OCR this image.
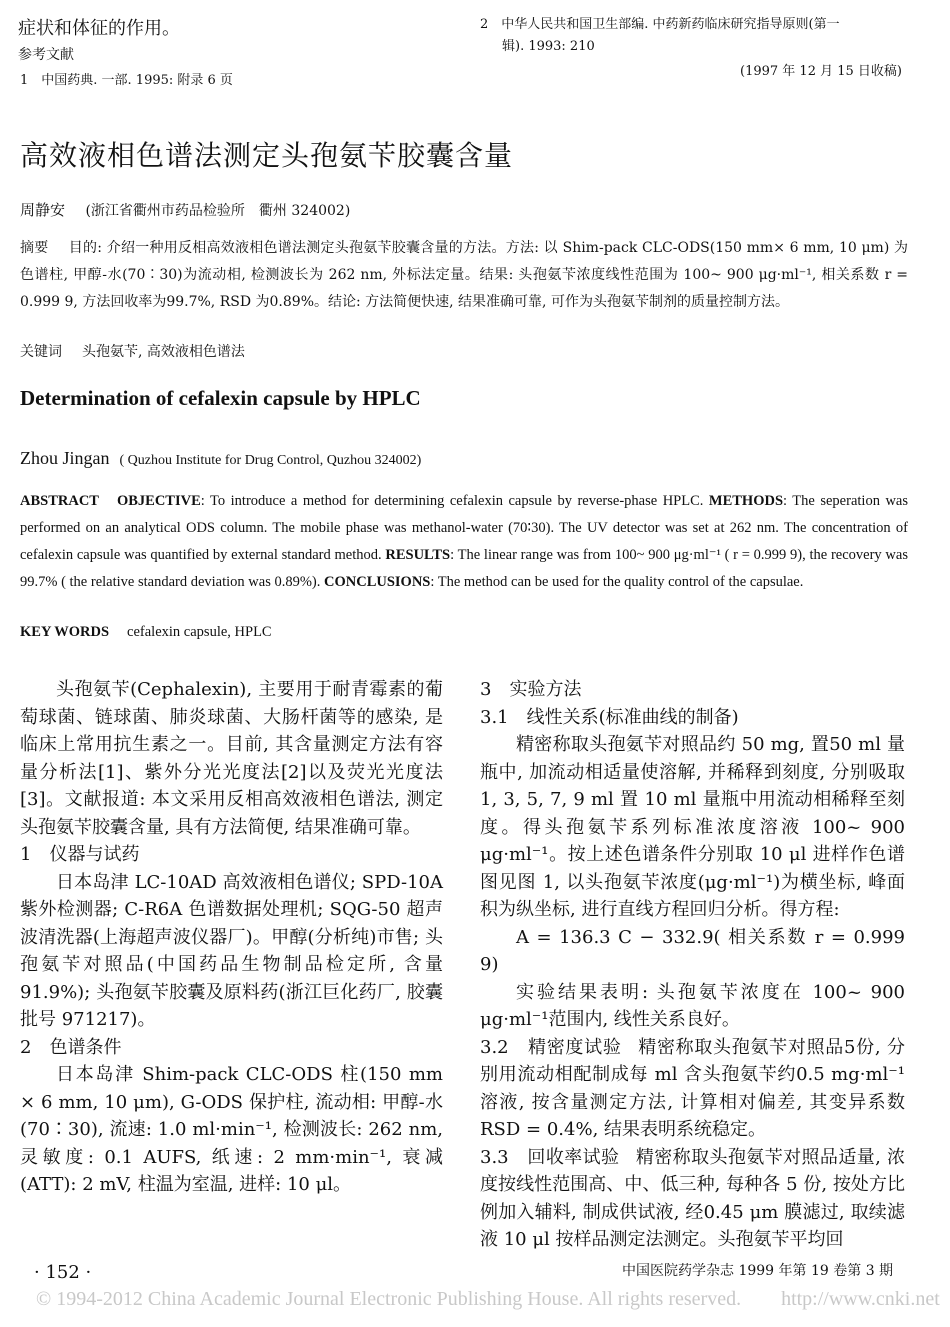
症状和体征的作用。
参考文献
1　中国药典. 一部. 1995: 附录 6 页
2　中华人民共和国卫生部编. 中药新药临床研究指导原则(第一
辑). 1993: 210
(1997 年 12 月 15 日收稿)
高效液相色谱法测定头孢氨苄胶囊含量
周静安 (浙江省衢州市药品检验所　衢州 324002)
摘要 目的: 介绍一种用反相高效液相色谱法测定头孢氨苄胶囊含量的方法。方法: 以 Shim-pack CLC-ODS(150 mm× 6 mm, 10 μm) 为色谱柱, 甲醇-水(70∶30)为流动相, 检测波长为 262 nm, 外标法定量。结果: 头孢氨苄浓度线性范围为 100~ 900 μg·ml⁻¹, 相关系数 r = 0.999 9, 方法回收率为99.7%, RSD 为0.89%。结论: 方法简便快速, 结果准确可靠, 可作为头孢氨苄制剂的质量控制方法。
关键词 头孢氨苄, 高效液相色谱法
Determination of cefalexin capsule by HPLC
Zhou Jingan ( Quzhou Institute for Drug Control, Quzhou 324002)
ABSTRACT OBJECTIVE: To introduce a method for determining cefalexin capsule by reverse-phase HPLC. METHODS: The seperation was performed on an analytical ODS column. The mobile phase was methanol-water (70∶30). The UV detector was set at 262 nm. The concentration of cefalexin capsule was quantified by external standard method. RESULTS: The linear range was from 100~ 900 μg·ml⁻¹ ( r = 0.999 9), the recovery was 99.7% ( the relative standard deviation was 0.89%). CONCLUSIONS: The method can be used for the quality control of the capsulae.
KEY WORDS cefalexin capsule, HPLC

头孢氨苄(Cephalexin), 主要用于耐青霉素的葡萄球菌、链球菌、肺炎球菌、大肠杆菌等的感染, 是临床上常用抗生素之一。目前, 其含量测定方法有容量分析法[1]、紫外分光光度法[2]以及荧光光度法[3]。文献报道: 本文采用反相高效液相色谱法, 测定头孢氨苄胶囊含量, 具有方法简便, 结果准确可靠。

1　仪器与试药

日本岛津 LC-10AD 高效液相色谱仪; SPD-10A 紫外检测器; C-R6A 色谱数据处理机; SQG-50 超声波清洗器(上海超声波仪器厂)。甲醇(分析纯)市售; 头孢氨苄对照品(中国药品生物制品检定所, 含量91.9%); 头孢氨苄胶囊及原料药(浙江巨化药厂, 胶囊批号 971217)。

2　色谱条件

日本岛津 Shim-pack CLC-ODS 柱(150 mm × 6 mm, 10 μm), G-ODS 保护柱, 流动相: 甲醇-水(70∶30), 流速: 1.0 ml·min⁻¹, 检测波长: 262 nm, 灵敏度: 0.1 AUFS, 纸速: 2 mm·min⁻¹, 衰减(ATT): 2 mV, 柱温为室温, 进样: 10 μl。

3　实验方法

3.1　线性关系(标准曲线的制备)

精密称取头孢氨苄对照品约 50 mg, 置50 ml 量瓶中, 加流动相适量使溶解, 并稀释到刻度, 分别吸取 1, 3, 5, 7, 9 ml 置 10 ml 量瓶中用流动相稀释至刻度。得头孢氨苄系列标准浓度溶液 100~ 900 μg·ml⁻¹。按上述色谱条件分别取 10 μl 进样作色谱图见图 1, 以头孢氨苄浓度(μg·ml⁻¹)为横坐标, 峰面积为纵坐标, 进行直线方程回归分析。得方程:

A = 136.3 C − 332.9( 相关系数 r = 0.999 9)

实验结果表明: 头孢氨苄浓度在 100~ 900 μg·ml⁻¹范围内, 线性关系良好。

3.2　精密度试验 精密称取头孢氨苄对照品5份, 分别用流动相配制成每 ml 含头孢氨苄约0.5 mg·ml⁻¹溶液, 按含量测定方法, 计算相对偏差, 其变异系数 RSD = 0.4%, 结果表明系统稳定。

3.3　回收率试验 精密称取头孢氨苄对照品适量, 浓度按线性范围高、中、低三种, 每种各 5 份, 按处方比例加入辅料, 制成供试液, 经0.45 μm 膜滤过, 取续滤液 10 μl 按样品测定法测定。头孢氨苄平均回

· 152 ·	中国医院药学杂志 1999 年第 19 卷第 3 期
© 1994-2012 China Academic Journal Electronic Publishing House. All rights reserved.　　http://www.cnki.net
